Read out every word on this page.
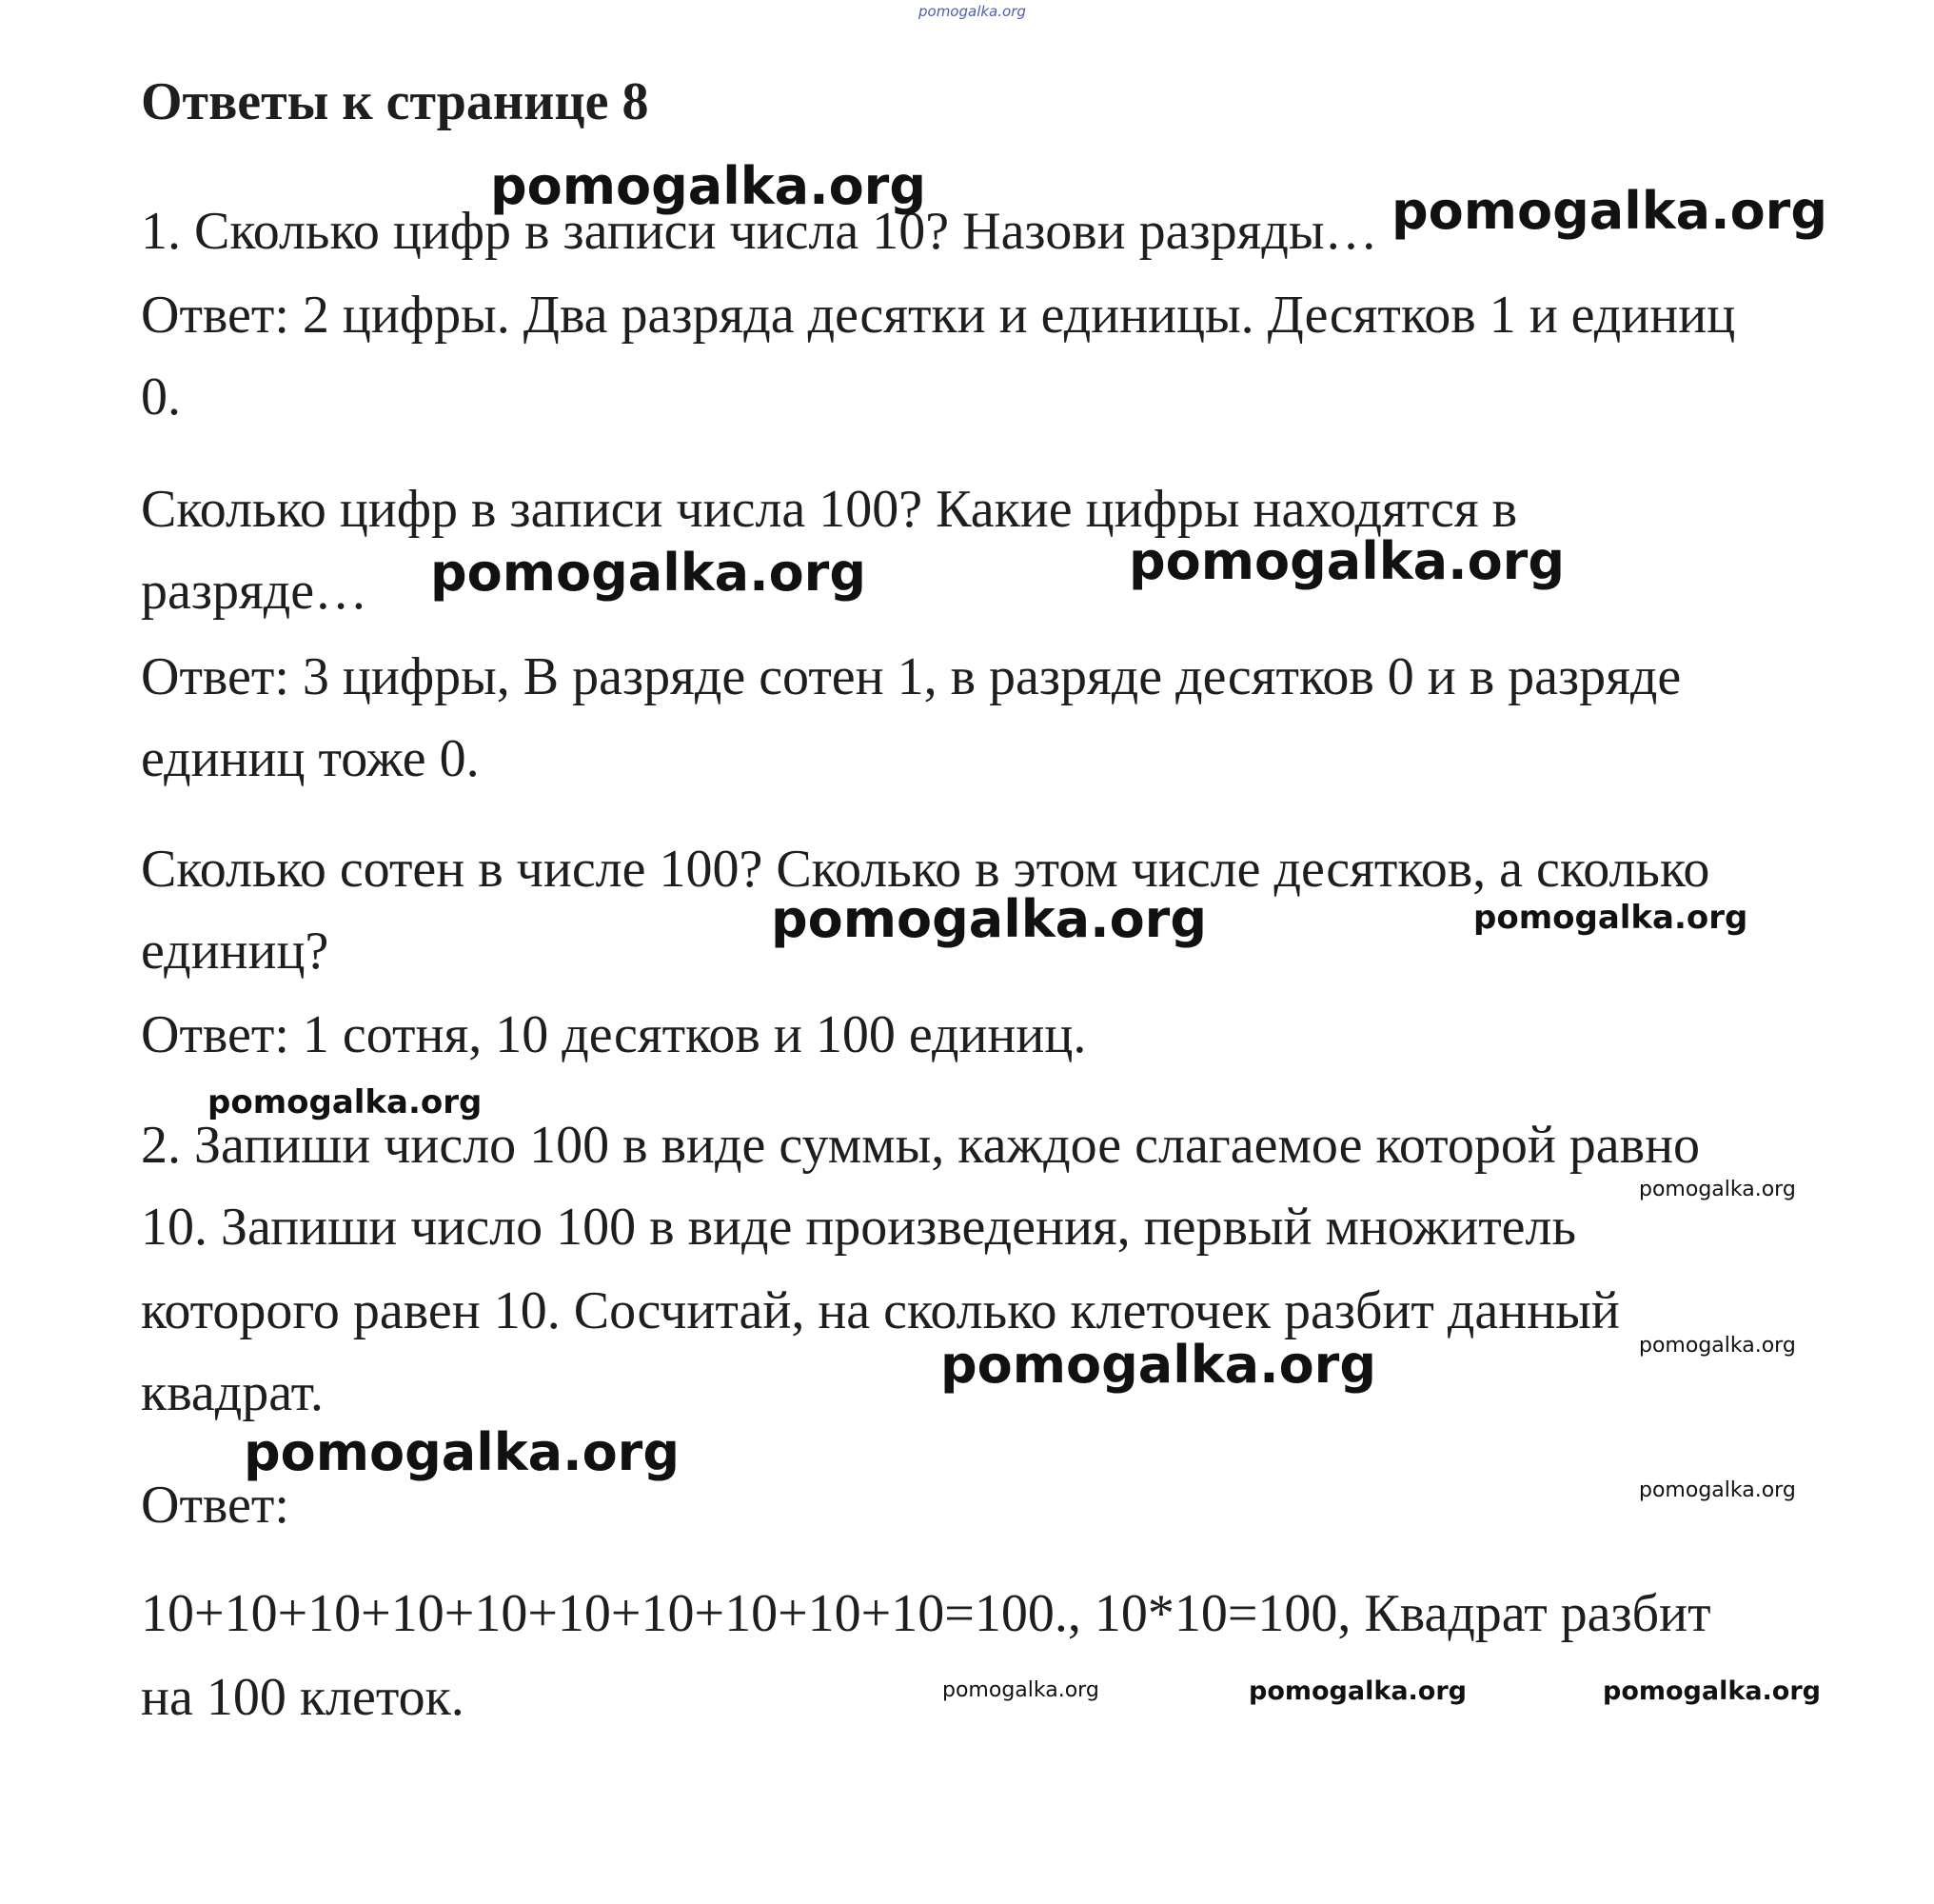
pomogalka.org
Ответы к странице 8
1. Сколько цифр в записи числа 10? Назови разряды…
Ответ: 2 цифры. Два разряда десятки и единицы. Десятков 1 и единиц
0.
Сколько цифр в записи числа 100? Какие цифры находятся в
разряде…
Ответ: 3 цифры, В разряде сотен 1, в разряде десятков 0 и в разряде
единиц тоже 0.
Сколько сотен в числе 100? Сколько в этом числе десятков, а сколько
единиц?
Ответ: 1 сотня, 10 десятков и 100 единиц.
2. Запиши число 100 в виде суммы, каждое слагаемое которой равно
10. Запиши число 100 в виде произведения, первый множитель
которого равен 10. Сосчитай, на сколько клеточек разбит данный
квадрат.
Ответ:
10+10+10+10+10+10+10+10+10+10=100., 10*10=100, Квадрат разбит
на 100 клеток.
pomogalka.org	pomogalka.org
pomogalka.org	pomogalka.org
pomogalka.org	pomogalka.org
pomogalka.org
pomogalka.org
pomogalka.org
pomogalka.org
pomogalka.org
pomogalka.org
pomogalka.org	pomogalka.org	pomogalka.org
